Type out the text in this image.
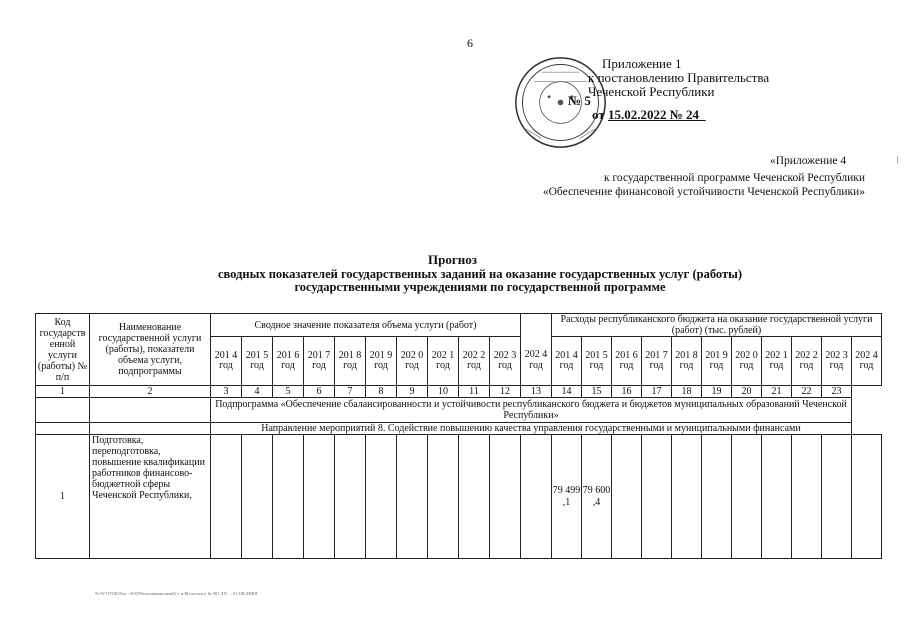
6
Приложение 1
к постановлению Правительства
Чеченской Республики
№ 5
от 15.02.2022 № 24_
«Приложение 4	❘
к государственной программе Чеченской Республики
«Обеспечение финансовой устойчивости Чеченской Республики»
Прогноз
сводных показателей государственных заданий на оказание государственных услуг (работы)
государственными учреждениями по государственной программе
Код государств енной услуги (работы) № п/п	Наименование государственной услуги (работы), показатели объема услуги, подпрограммы	Сводное значение показателя объема услуги (работ)											Расходы республиканского бюджета на оказание государственной услуги (работ) (тыс. рублей)										
		201 4 год	201 5 год	201 6 год	201 7 год	201 8 год	201 9 год	202 0 год	202 1 год	202 2 год	202 3 год	202 4 год	201 4 год	201 5 год	201 6 год	201 7 год	201 8 год	201 9 год	202 0 год	202 1 год	202 2 год	202 3 год	202 4 год
1	2	3	4	5	6	7	8	9	10	11	12	13	14	15	16	17	18	19	20	21	22	23	
		Подпрограмма «Обеспечение сбалансированности и устойчивости республиканского бюджета и бюджетов муниципальных образований Чеченской Республики»																					
		Направление мероприятий 8. Содействие повышению качества управления государственными и муниципальными финансами																					
1	Подготовка, переподготовка, повышение квалификации работников финансово-бюджетной сферы Чеченской Республики,												79 499 ,1	79 600 ,4									
%=%"ОТОКЛ/ит - ЕОЛ/Раглопикаапоизи02.г и М постпм к № 301 ЛЛ/ →01/ОК/2ФЕП
